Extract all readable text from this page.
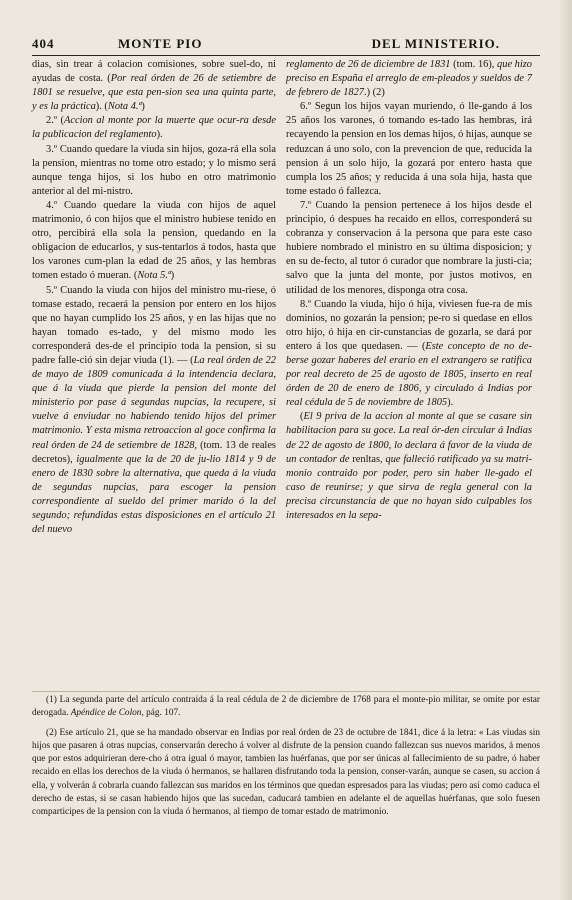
404	MONTE PIO	DEL MINISTERIO.

dias, sin trear á colacion comisiones, sobre suel-do, ni ayudas de costa. (Por real órden de 26 de setiembre de 1801 se resuelve, que esta pen-sion sea una quinta parte, y es la práctica). (Nota 4.ª)

2.º (Accion al monte por la muerte que ocur-ra desde la publicacion del reglamento).

3.º Cuando quedare la viuda sin hijos, goza-rá ella sola la pension, mientras no tome otro estado; y lo mismo será aunque tenga hijos, si los hubo en otro matrimonio anterior al del mi-nistro.

4.º Cuando quedare la viuda con hijos de aquel matrimonio, ó con hijos que el ministro hubiese tenido en otro, percibirá ella sola la pension, quedando en la obligacion de educarlos, y sus-tentarlos á todos, hasta que los varones cum-plan la edad de 25 años, y las hembras tomen estado ó mueran. (Nota 5.ª)

5.º Cuando la viuda con hijos del ministro mu-riese, ó tomase estado, recaerá la pension por entero en los hijos que no hayan cumplido los 25 años, y en las hijas que no hayan tomado es-tado, y del mismo modo les corresponderá des-de el principio toda la pension, si su padre falle-ció sin dejar viuda (1). — (La real órden de 22 de mayo de 1809 comunicada á la intendencia declara, que á la viuda que pierde la pension del monte del ministerio por pase á segundas nupcias, la recupere, si vuelve á enviudar no habiendo tenido hijos del primer matrimonio. Y esta misma retroaccion al goce confirma la real órden de 24 de setiembre de 1828, (tom. 13 de reales decretos), igualmente que la de 20 de ju-lio 1814 y 9 de enero de 1830 sobre la alternativa, que queda á la viuda de segundas nupcias, para escoger la pension correspondiente al sueldo del primer marido ó la del segundo; refundidas estas disposiciones en el artículo 21 del nuevo

reglamento de 26 de diciembre de 1831 (tom. 16), que hizo preciso en España el arreglo de em-pleados y sueldos de 7 de febrero de 1827.) (2)

6.º Segun los hijos vayan muriendo, ó lle-gando á los 25 años los varones, ó tomando es-tado las hembras, irá recayendo la pension en los demas hijos, ó hijas, aunque se reduzcan á uno solo, con la prevencion de que, reducida la pension á un solo hijo, la gozará por entero hasta que cumpla los 25 años; y reducida á una sola hija, hasta que tome estado ó fallezca.

7.º Cuando la pension pertenece á los hijos desde el principio, ó despues ha recaido en ellos, corresponderá su cobranza y conservacion á la persona que para este caso hubiere nombrado el ministro en su última disposicion; y en su de-fecto, al tutor ó curador que nombrare la justi-cia; salvo que la junta del monte, por justos motivos, en utilidad de los menores, disponga otra cosa.

8.º Cuando la viuda, hijo ó hija, viviesen fue-ra de mis dominios, no gozarán la pension; pe-ro si quedase en ellos otro hijo, ó hija en cir-cunstancias de gozarla, se dará por entero á los que quedasen. — (Este concepto de no de-berse gozar haberes del erario en el extrangero se ratifica por real decreto de 25 de agosto de 1805, inserto en real órden de 20 de enero de 1806, y circulado á Indias por real cédula de 5 de noviembre de 1805).

(El 9 priva de la accion al monte al que se casare sin habilitacion para su goce. La real ór-den circular á Indias de 22 de agosto de 1800, lo declara á favor de la viuda de un contador de renltas, que falleció ratificado ya su matri-monio contraido por poder, pero sin haber lle-gado el caso de reunirse; y que sirva de regla general con la precisa circunstancia de que no hayan sido culpables los interesados en la sepa-

(1) La segunda parte del artículo contraida á la real cédula de 2 de diciembre de 1768 para el monte-pio militar, se omite por estar derogada. Apéndice de Colon, pág. 107.

(2) Ese artículo 21, que se ha mandado observar en Indias por real órden de 23 de octubre de 1841, dice á la letra: « Las viudas sin hijos que pasaren á otras nupcias, conservarán derecho á volver al disfrute de la pension cuando fallezcan sus nuevos maridos, á menos que por estos adquirieran dere-cho á otra igual ó mayor, tambien las huérfanas, que por ser únicas al fallecimiento de su padre, ó haber recaido en ellas los derechos de la viuda ó hermanos, se hallaren disfrutando toda la pension, conser-varán, aunque se casen, su accion á ella, y volverán á cobrarla cuando fallezcan sus maridos en los términos que quedan espresados para las viudas; pero así como caduca el derecho de estas, si se casan habiendo hijos que las sucedan, caducará tambien en adelante el de aquellas huérfanas, que solo fuesen comparticipes de la pension con la viuda ó hermanos, al tiempo de tomar estado de matrimonio.
